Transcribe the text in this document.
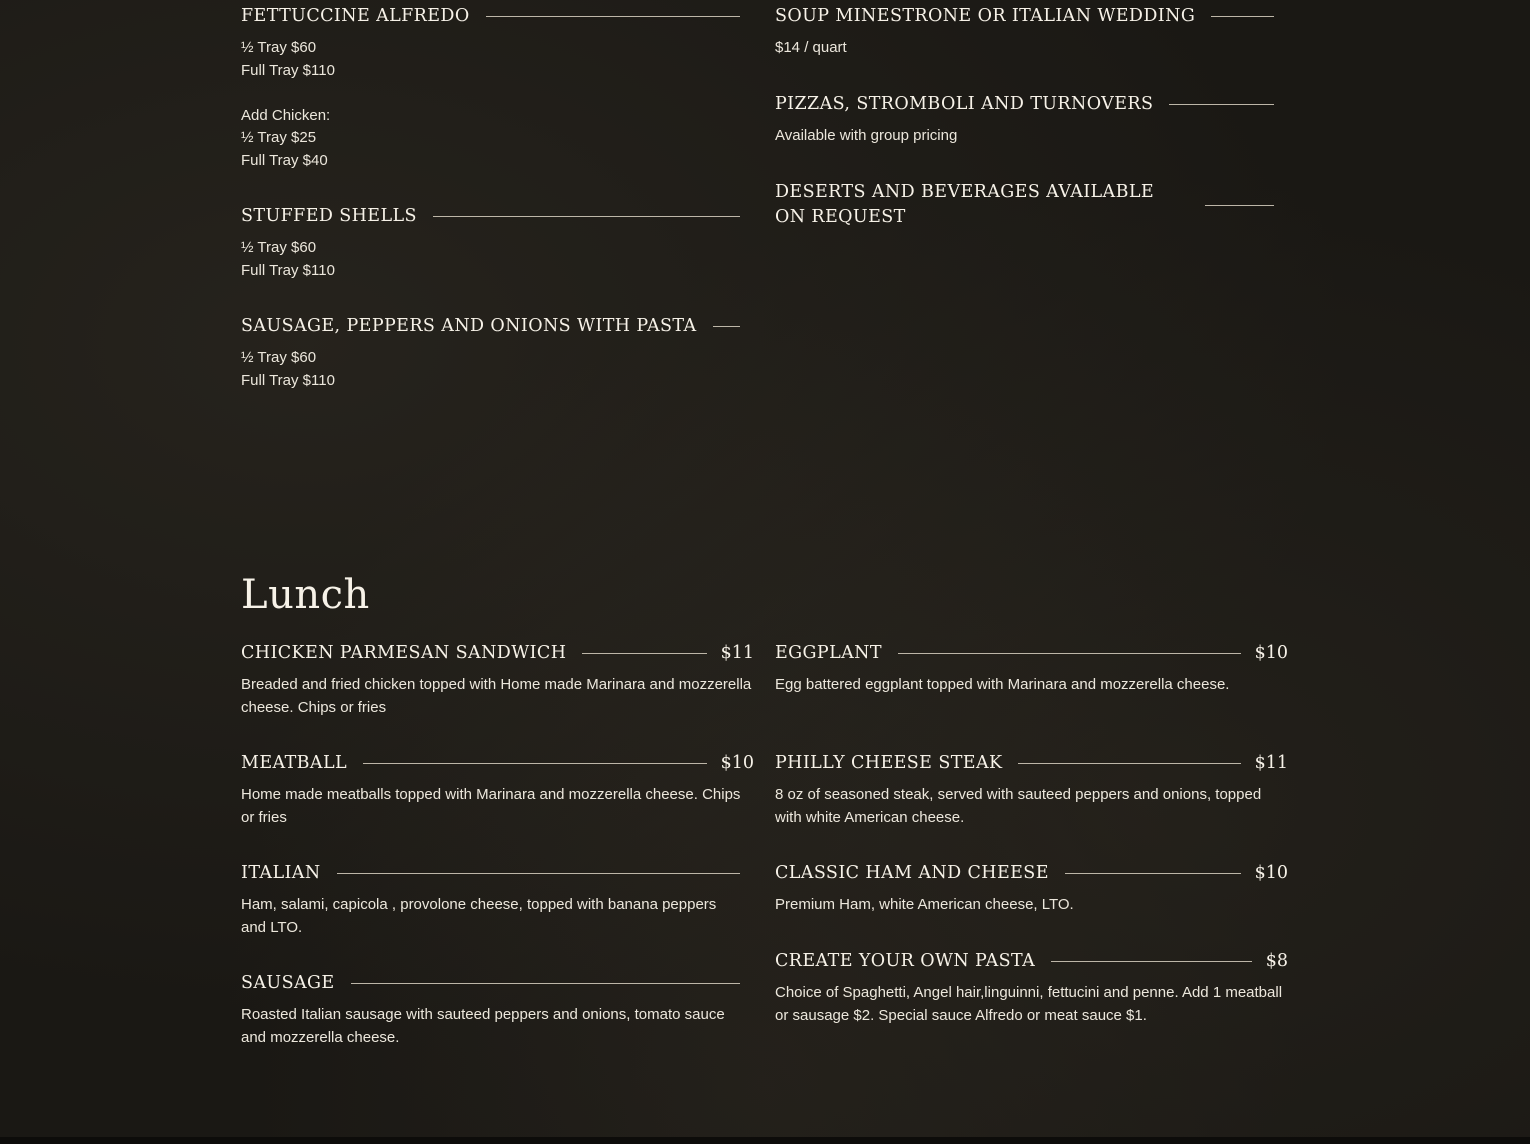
FETTUCCINE ALFREDO
½ Tray $60
Full Tray $110
Add Chicken:
½ Tray $25
Full Tray $40
STUFFED SHELLS
½ Tray $60
Full Tray $110
SAUSAGE, PEPPERS AND ONIONS WITH PASTA
½ Tray $60
Full Tray $110
SOUP MINESTRONE OR ITALIAN WEDDING
$14 / quart
PIZZAS, STROMBOLI AND TURNOVERS
Available with group pricing
DESERTS AND BEVERAGES AVAILABLE ON REQUEST
Lunch
CHICKEN PARMESAN SANDWICH	$11
Breaded and fried chicken topped with Home made Marinara and mozzerella cheese. Chips or fries
MEATBALL	$10
Home made meatballs topped with Marinara and mozzerella cheese. Chips or fries
ITALIAN
Ham, salami, capicola , provolone cheese, topped with banana peppers and LTO.
SAUSAGE
Roasted Italian sausage with sauteed peppers and onions, tomato sauce and mozzerella cheese.
EGGPLANT	$10
Egg battered eggplant topped with Marinara and mozzerella cheese.
PHILLY CHEESE STEAK	$11
8 oz of seasoned steak, served with sauteed peppers and onions, topped with white American cheese.
CLASSIC HAM AND CHEESE	$10
Premium Ham, white American cheese, LTO.
CREATE YOUR OWN PASTA	$8
Choice of Spaghetti, Angel hair,linguinni, fettucini and penne. Add 1 meatball or sausage $2. Special sauce Alfredo or meat sauce $1.
